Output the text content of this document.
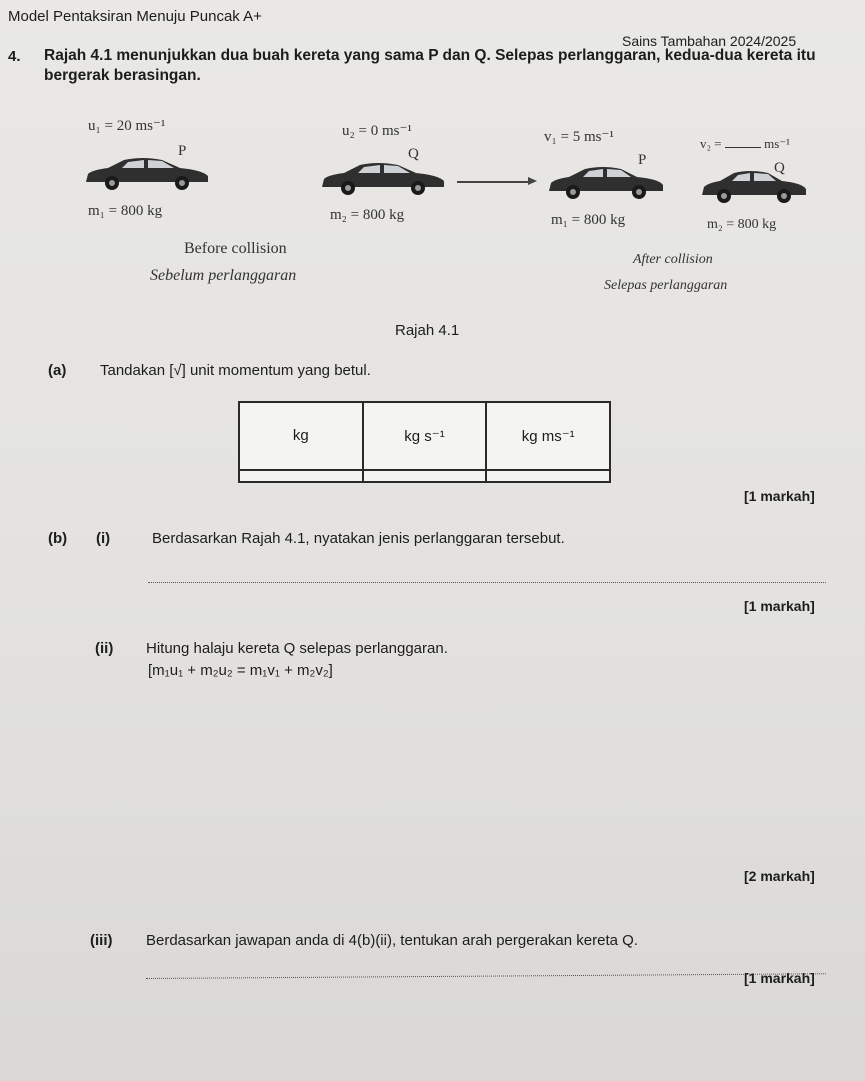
Model Pentaksiran Menuju Puncak A+
Sains Tambahan 2024/2025
4. Rajah 4.1 menunjukkan dua buah kereta yang sama P dan Q. Selepas perlanggaran, kedua-dua kereta itu bergerak berasingan.
u₁ = 20 ms⁻¹
P
m₁ = 800 kg
u₂ = 0 ms⁻¹
Q
m₂ = 800 kg
v₁ = 5 ms⁻¹
P
m₁ = 800 kg
v₂ =	ms⁻¹
Q
m₂ = 800 kg
Before collision
Sebelum perlanggaran
After collision
Selepas perlanggaran
Rajah 4.1
(a) Tandakan [√] unit momentum yang betul.
kg	kg s⁻¹	kg ms⁻¹

[1 markah]
(b) (i)	Berdasarkan Rajah 4.1, nyatakan jenis perlanggaran tersebut.
[1 markah]
(ii) Hitung halaju kereta Q selepas perlanggaran.
[m₁u₁ + m₂u₂ = m₁v₁ + m₂v₂]
[2 markah]
(iii) Berdasarkan jawapan anda di 4(b)(ii), tentukan arah pergerakan kereta Q.
[1 markah]
